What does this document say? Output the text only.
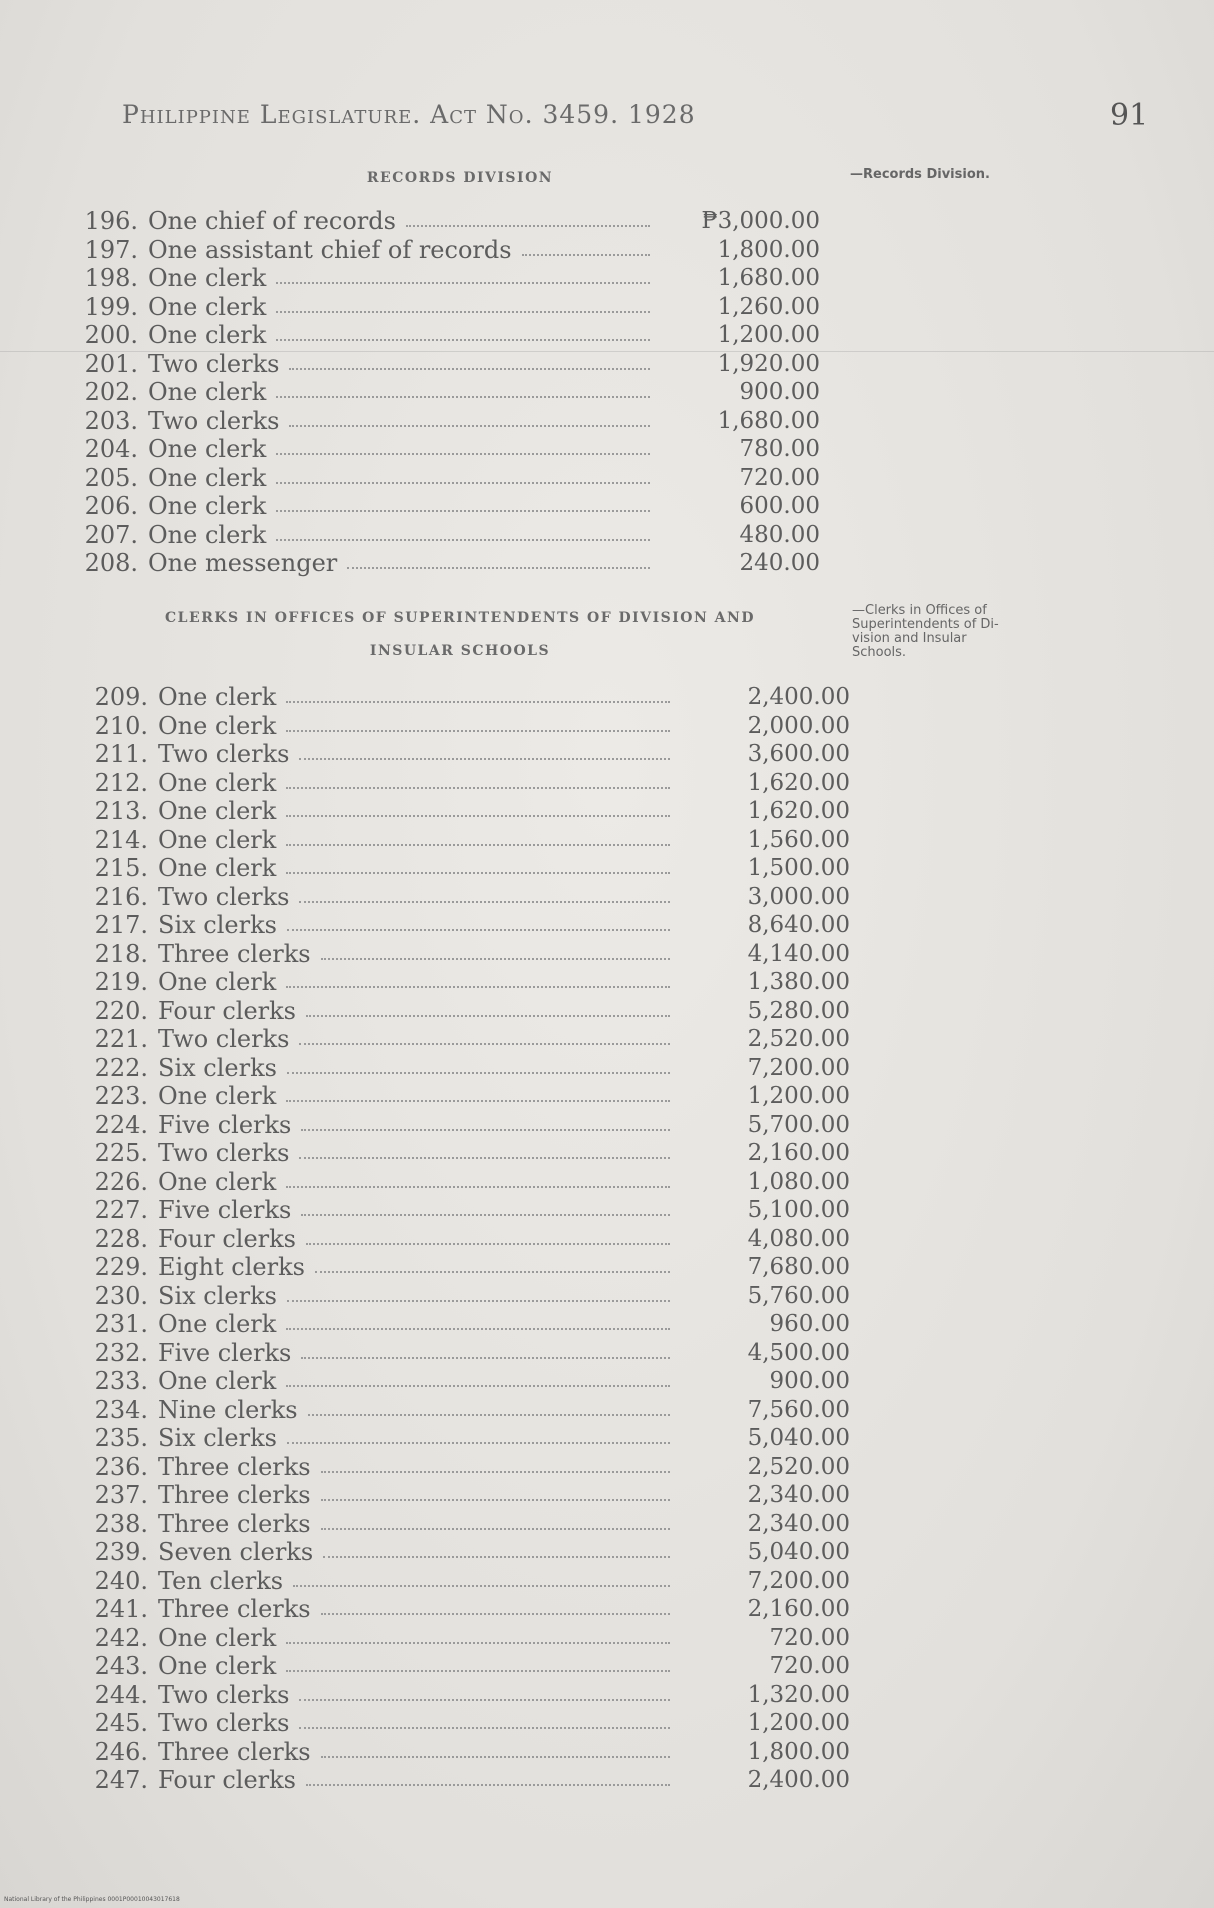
Philippine Legislature. Act No. 3459. 1928	91
RECORDS DIVISION	—Records Division.
196. One chief of records	₱3,000.00
197. One assistant chief of records	1,800.00
198. One clerk	1,680.00
199. One clerk	1,260.00
200. One clerk	1,200.00
201. Two clerks	1,920.00
202. One clerk	900.00
203. Two clerks	1,680.00
204. One clerk	780.00
205. One clerk	720.00
206. One clerk	600.00
207. One clerk	480.00
208. One messenger	240.00
CLERKS IN OFFICES OF SUPERINTENDENTS OF DIVISION AND
INSULAR SCHOOLS
—Clerks in Offices of
Superintendents of Di-
vision and Insular
Schools.
209. One clerk	2,400.00
210. One clerk	2,000.00
211. Two clerks	3,600.00
212. One clerk	1,620.00
213. One clerk	1,620.00
214. One clerk	1,560.00
215. One clerk	1,500.00
216. Two clerks	3,000.00
217. Six clerks	8,640.00
218. Three clerks	4,140.00
219. One clerk	1,380.00
220. Four clerks	5,280.00
221. Two clerks	2,520.00
222. Six clerks	7,200.00
223. One clerk	1,200.00
224. Five clerks	5,700.00
225. Two clerks	2,160.00
226. One clerk	1,080.00
227. Five clerks	5,100.00
228. Four clerks	4,080.00
229. Eight clerks	7,680.00
230. Six clerks	5,760.00
231. One clerk	960.00
232. Five clerks	4,500.00
233. One clerk	900.00
234. Nine clerks	7,560.00
235. Six clerks	5,040.00
236. Three clerks	2,520.00
237. Three clerks	2,340.00
238. Three clerks	2,340.00
239. Seven clerks	5,040.00
240. Ten clerks	7,200.00
241. Three clerks	2,160.00
242. One clerk	720.00
243. One clerk	720.00
244. Two clerks	1,320.00
245. Two clerks	1,200.00
246. Three clerks	1,800.00
247. Four clerks	2,400.00
National Library of the Philippines 0001P00010043017618
